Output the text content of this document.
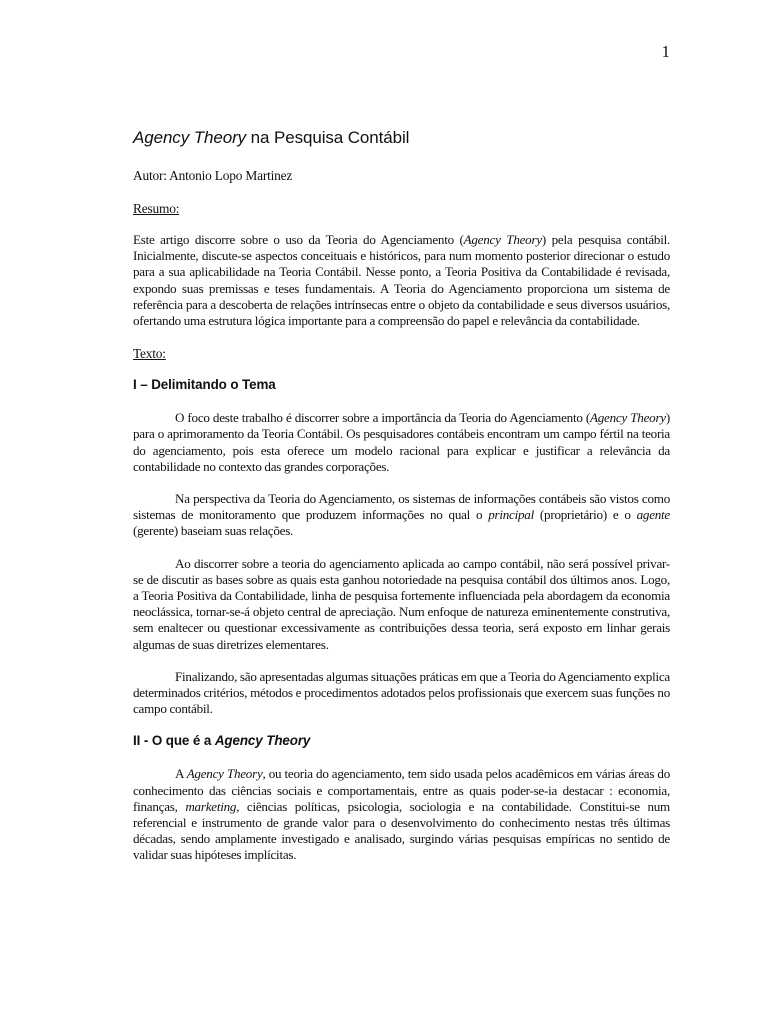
1
Agency Theory na Pesquisa Contábil

Autor: Antonio Lopo Martinez

Resumo:

Este artigo discorre sobre o uso da Teoria do Agenciamento (Agency Theory) pela pesquisa contábil. Inicialmente, discute-se aspectos conceituais e históricos, para num momento posterior direcionar o estudo para a sua aplicabilidade na Teoria Contábil. Nesse ponto, a Teoria Positiva da Contabilidade é revisada, expondo suas premissas e teses fundamentais. A Teoria do Agenciamento proporciona um sistema de referência para a descoberta de relações intrínsecas entre o objeto da contabilidade e seus diversos usuários, ofertando uma estrutura lógica importante para a compreensão do papel e relevância da contabilidade.

Texto:
I – Delimitando o Tema

O foco deste trabalho é discorrer sobre a importância da Teoria do Agenciamento (Agency Theory) para o aprimoramento da Teoria Contábil. Os pesquisadores contábeis encontram um campo fértil na teoria do agenciamento, pois esta oferece um modelo racional para explicar e justificar a relevância da contabilidade no contexto das grandes corporações.

Na perspectiva da Teoria do Agenciamento, os sistemas de informações contábeis são vistos como sistemas de monitoramento que produzem informações no qual o principal (proprietário) e o agente (gerente) baseiam suas relações.

Ao discorrer sobre a teoria do agenciamento aplicada ao campo contábil, não será possível privar-se de discutir as bases sobre as quais esta ganhou notoriedade na pesquisa contábil dos últimos anos. Logo, a Teoria Positiva da Contabilidade, linha de pesquisa fortemente influenciada pela abordagem da economia neoclássica, tornar-se-á objeto central de apreciação. Num enfoque de natureza eminentemente construtiva, sem enaltecer ou questionar excessivamente as contribuições dessa teoria, será exposto em linhar gerais algumas de suas diretrizes elementares.

Finalizando, são apresentadas algumas situações práticas em que a Teoria do Agenciamento explica determinados critérios, métodos e procedimentos adotados pelos profissionais que exercem suas funções no campo contábil.

II - O que é a Agency Theory

A Agency Theory, ou teoria do agenciamento, tem sido usada pelos acadêmicos em várias áreas do conhecimento das ciências sociais e comportamentais, entre as quais poder-se-ia destacar : economia, finanças, marketing, ciências políticas, psicologia, sociologia e na contabilidade. Constitui-se num referencial e instrumento de grande valor para o desenvolvimento do conhecimento nestas três últimas décadas, sendo amplamente investigado e analisado, surgindo várias pesquisas empíricas no sentido de validar suas hipóteses implícitas.
